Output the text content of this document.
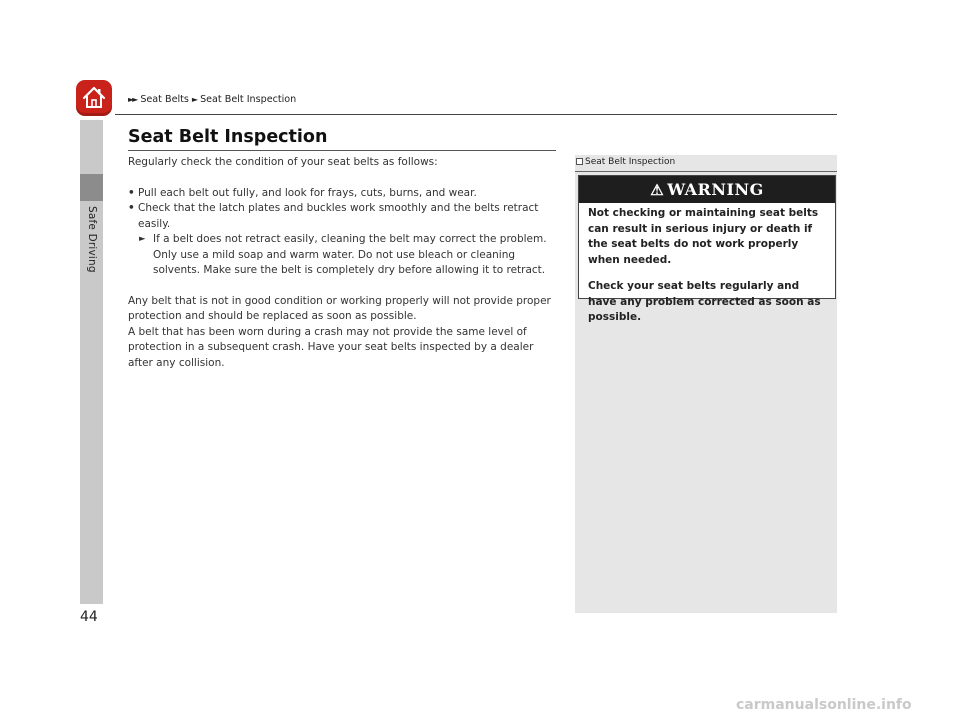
Safe Driving
►► Seat Belts ► Seat Belt Inspection
Seat Belt Inspection

Regularly check the condition of your seat belts as follows:

• Pull each belt out fully, and look for frays, cuts, burns, and wear.
• Check that the latch plates and buckles work smoothly and the belts retract easily.
► If a belt does not retract easily, cleaning the belt may correct the problem. Only use a mild soap and warm water. Do not use bleach or cleaning solvents. Make sure the belt is completely dry before allowing it to retract.

Any belt that is not in good condition or working properly will not provide proper protection and should be replaced as soon as possible.

A belt that has been worn during a crash may not provide the same level of protection in a subsequent crash. Have your seat belts inspected by a dealer after any collision.

Seat Belt Inspection
⚠ WARNING

Not checking or maintaining seat belts can result in serious injury or death if the seat belts do not work properly when needed.

Check your seat belts regularly and have any problem corrected as soon as possible.

44
carmanualsonline.info
